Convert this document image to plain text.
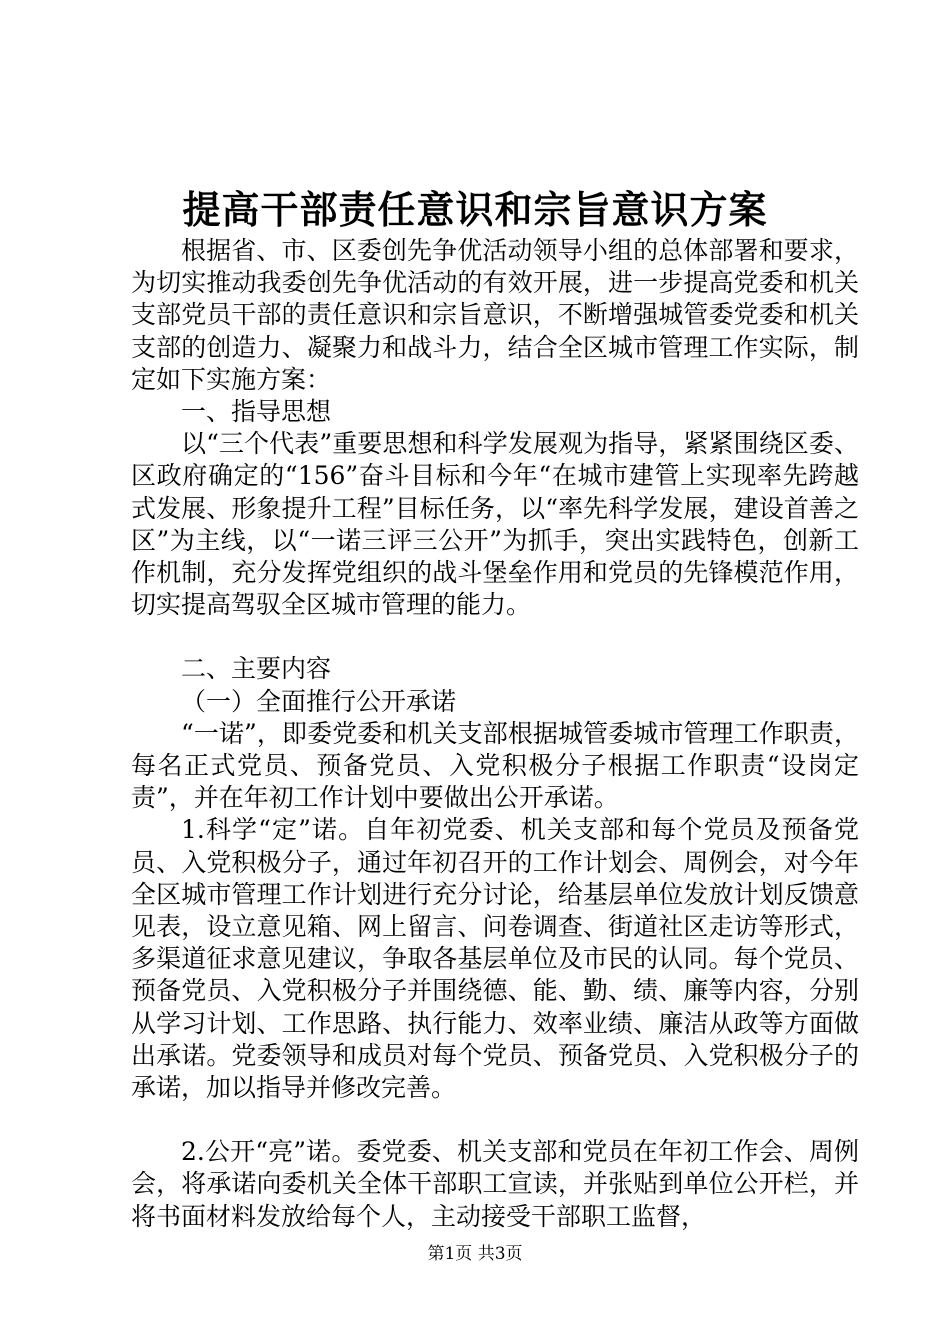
提高干部责任意识和宗旨意识方案

根据省、市、区委创先争优活动领导小组的总体部署和要求，为切实推动我委创先争优活动的有效开展，进一步提高党委和机关支部党员干部的责任意识和宗旨意识，不断增强城管委党委和机关支部的创造力、凝聚力和战斗力，结合全区城市管理工作实际，制定如下实施方案：

一、指导思想

以“三个代表”重要思想和科学发展观为指导，紧紧围绕区委、区政府确定的“156”奋斗目标和今年“在城市建管上实现率先跨越式发展、形象提升工程”目标任务，以“率先科学发展，建设首善之区”为主线，以“一诺三评三公开”为抓手，突出实践特色，创新工作机制，充分发挥党组织的战斗堡垒作用和党员的先锋模范作用，切实提高驾驭全区城市管理的能力。

二、主要内容

（一）全面推行公开承诺

“一诺”，即委党委和机关支部根据城管委城市管理工作职责，每名正式党员、预备党员、入党积极分子根据工作职责“设岗定责”，并在年初工作计划中要做出公开承诺。

1.科学“定”诺。自年初党委、机关支部和每个党员及预备党员、入党积极分子，通过年初召开的工作计划会、周例会，对今年全区城市管理工作计划进行充分讨论，给基层单位发放计划反馈意见表，设立意见箱、网上留言、问卷调查、街道社区走访等形式，多渠道征求意见建议，争取各基层单位及市民的认同。每个党员、预备党员、入党积极分子并围绕德、能、勤、绩、廉等内容，分别从学习计划、工作思路、执行能力、效率业绩、廉洁从政等方面做出承诺。党委领导和成员对每个党员、预备党员、入党积极分子的承诺，加以指导并修改完善。

2.公开“亮”诺。委党委、机关支部和党员在年初工作会、周例会，将承诺向委机关全体干部职工宣读，并张贴到单位公开栏，并将书面材料发放给每个人，主动接受干部职工监督，

第1页 共3页
